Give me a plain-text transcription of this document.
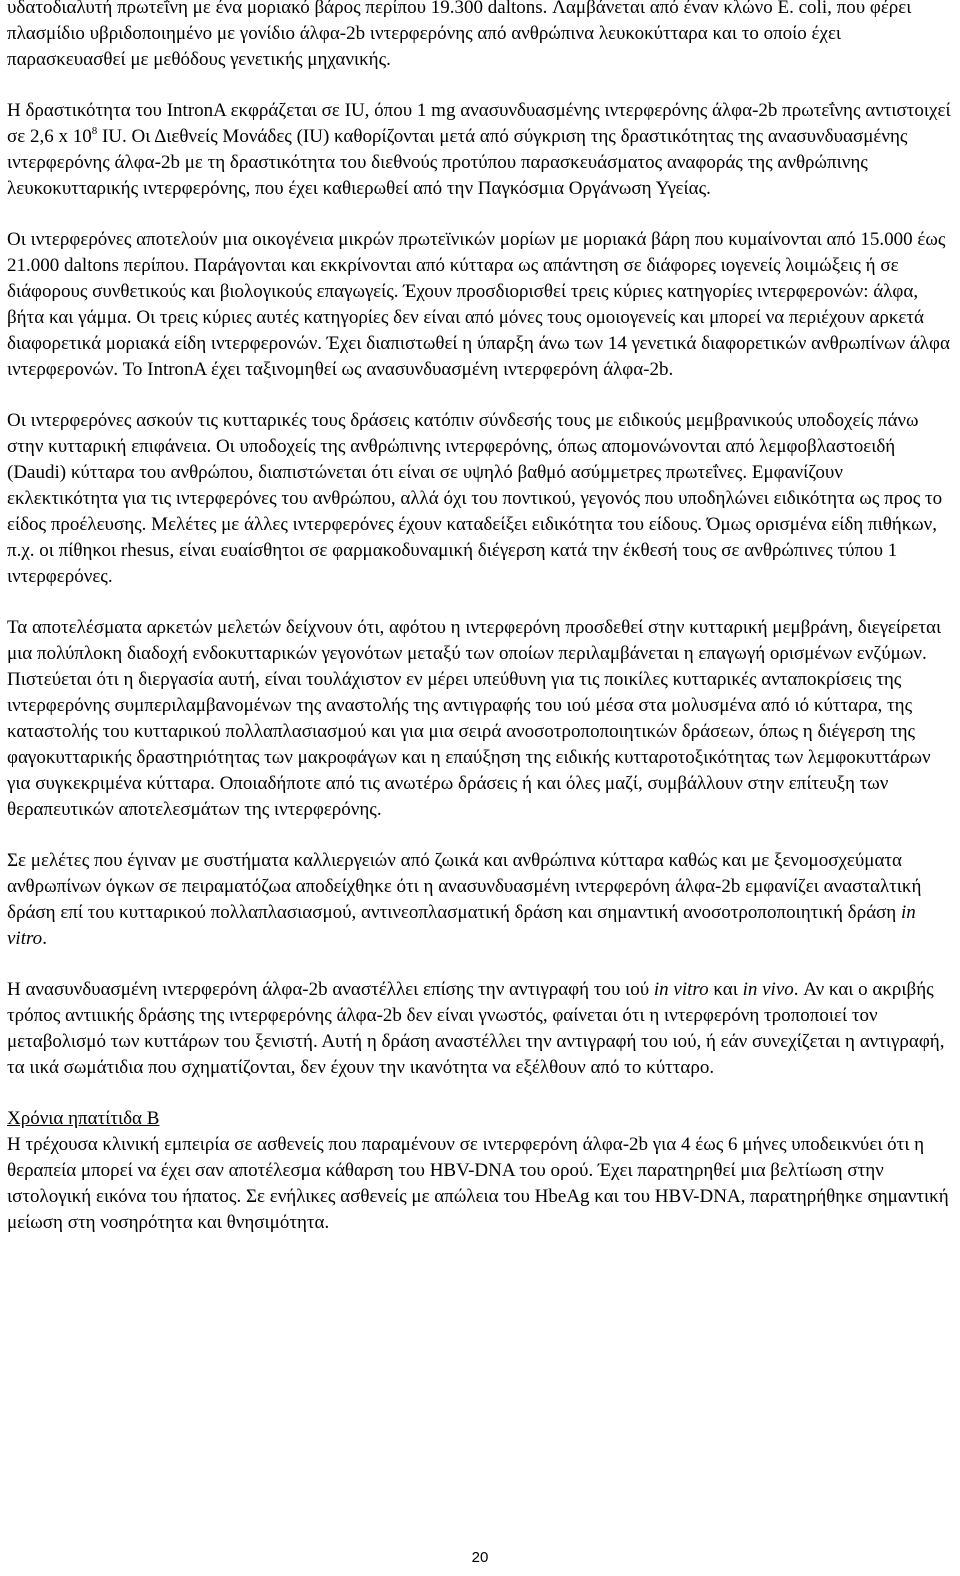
υδατοδιαλυτή πρωτεΐνη με ένα μοριακό βάρος περίπου 19.300 daltons. Λαμβάνεται από έναν κλώνο E. coli, που φέρει πλασμίδιο υβριδοποιημένο με γονίδιο άλφα-2b ιντερφερόνης από ανθρώπινα λευκοκύτταρα και το οποίο έχει παρασκευασθεί με μεθόδους γενετικής μηχανικής.

Η δραστικότητα του IntronA εκφράζεται σε IU, όπου 1 mg ανασυνδυασμένης ιντερφερόνης άλφα-2b πρωτεΐνης αντιστοιχεί σε 2,6 x $10^8$ IU. Οι Διεθνείς Μονάδες (IU) καθορίζονται μετά από σύγκριση της δραστικότητας της ανασυνδυασμένης ιντερφερόνης άλφα-2b με τη δραστικότητα του διεθνούς προτύπου παρασκευάσματος αναφοράς της ανθρώπινης λευκοκυτταρικής ιντερφερόνης, που έχει καθιερωθεί από την Παγκόσμια Οργάνωση Υγείας.

Οι ιντερφερόνες αποτελούν μια οικογένεια μικρών πρωτεϊνικών μορίων με μοριακά βάρη που κυμαίνονται από 15.000 έως 21.000 daltons περίπου. Παράγονται και εκκρίνονται από κύτταρα ως απάντηση σε διάφορες ιογενείς λοιμώξεις ή σε διάφορους συνθετικούς και βιολογικούς επαγωγείς. Έχουν προσδιορισθεί τρεις κύριες κατηγορίες ιντερφερονών: άλφα, βήτα και γάμμα. Οι τρεις κύριες αυτές κατηγορίες δεν είναι από μόνες τους ομοιογενείς και μπορεί να περιέχουν αρκετά διαφορετικά μοριακά είδη ιντερφερονών. Έχει διαπιστωθεί η ύπαρξη άνω των 14 γενετικά διαφορετικών ανθρωπίνων άλφα ιντερφερονών. Το IntronA έχει ταξινομηθεί ως ανασυνδυασμένη ιντερφερόνη άλφα-2b.

Οι ιντερφερόνες ασκούν τις κυτταρικές τους δράσεις κατόπιν σύνδεσής τους με ειδικούς μεμβρανικούς υποδοχείς πάνω στην κυτταρική επιφάνεια. Οι υποδοχείς της ανθρώπινης ιντερφερόνης, όπως απομονώνονται από λεμφοβλαστοειδή (Daudi) κύτταρα του ανθρώπου, διαπιστώνεται ότι είναι σε υψηλό βαθμό ασύμμετρες πρωτεΐνες. Εμφανίζουν εκλεκτικότητα για τις ιντερφερόνες του ανθρώπου, αλλά όχι του ποντικού, γεγονός που υποδηλώνει ειδικότητα ως προς το είδος προέλευσης. Μελέτες με άλλες ιντερφερόνες έχουν καταδείξει ειδικότητα του είδους. Όμως ορισμένα είδη πιθήκων, π.χ. οι πίθηκοι rhesus, είναι ευαίσθητοι σε φαρμακοδυναμική διέγερση κατά την έκθεσή τους σε ανθρώπινες τύπου 1 ιντερφερόνες.

Τα αποτελέσματα αρκετών μελετών δείχνουν ότι, αφότου η ιντερφερόνη προσδεθεί στην κυτταρική μεμβράνη, διεγείρεται μια πολύπλοκη διαδοχή ενδοκυτταρικών γεγονότων μεταξύ των οποίων περιλαμβάνεται η επαγωγή ορισμένων ενζύμων. Πιστεύεται ότι η διεργασία αυτή, είναι τουλάχιστον εν μέρει υπεύθυνη για τις ποικίλες κυτταρικές ανταποκρίσεις της ιντερφερόνης συμπεριλαμβανομένων της αναστολής της αντιγραφής του ιού μέσα στα μολυσμένα από ιό κύτταρα, της καταστολής του κυτταρικού πολλαπλασιασμού και για μια σειρά ανοσοτροποποιητικών δράσεων, όπως η διέγερση της φαγοκυτταρικής δραστηριότητας των μακροφάγων και η επαύξηση της ειδικής κυτταροτοξικότητας των λεμφοκυττάρων για συγκεκριμένα κύτταρα. Οποιαδήποτε από τις ανωτέρω δράσεις ή και όλες μαζί, συμβάλλουν στην επίτευξη των θεραπευτικών αποτελεσμάτων της ιντερφερόνης.

Σε μελέτες που έγιναν με συστήματα καλλιεργειών από ζωικά και ανθρώπινα κύτταρα καθώς και με ξενομοσχεύματα ανθρωπίνων όγκων σε πειραματόζωα αποδείχθηκε ότι η ανασυνδυασμένη ιντερφερόνη άλφα-2b εμφανίζει ανασταλτική δράση επί του κυτταρικού πολλαπλασιασμού, αντινεοπλασματική δράση και σημαντική ανοσοτροποποιητική δράση in vitro.

Η ανασυνδυασμένη ιντερφερόνη άλφα-2b αναστέλλει επίσης την αντιγραφή του ιού in vitro και in vivo. Αν και ο ακριβής τρόπος αντιιικής δράσης της ιντερφερόνης άλφα-2b δεν είναι γνωστός, φαίνεται ότι η ιντερφερόνη τροποποιεί τον μεταβολισμό των κυττάρων του ξενιστή. Αυτή η δράση αναστέλλει την αντιγραφή του ιού, ή εάν συνεχίζεται η αντιγραφή, τα ιικά σωμάτιδια που σχηματίζονται, δεν έχουν την ικανότητα να εξέλθουν από το κύτταρο.

Χρόνια ηπατίτιδα B

Η τρέχουσα κλινική εμπειρία σε ασθενείς που παραμένουν σε ιντερφερόνη άλφα-2b για 4 έως 6 μήνες υποδεικνύει ότι η θεραπεία μπορεί να έχει σαν αποτέλεσμα κάθαρση του HBV-DNA του ορού. Έχει παρατηρηθεί μια βελτίωση στην ιστολογική εικόνα του ήπατος. Σε ενήλικες ασθενείς με απώλεια του HbeAg και του HBV-DNA, παρατηρήθηκε σημαντική μείωση στη νοσηρότητα και θνησιμότητα.

20
